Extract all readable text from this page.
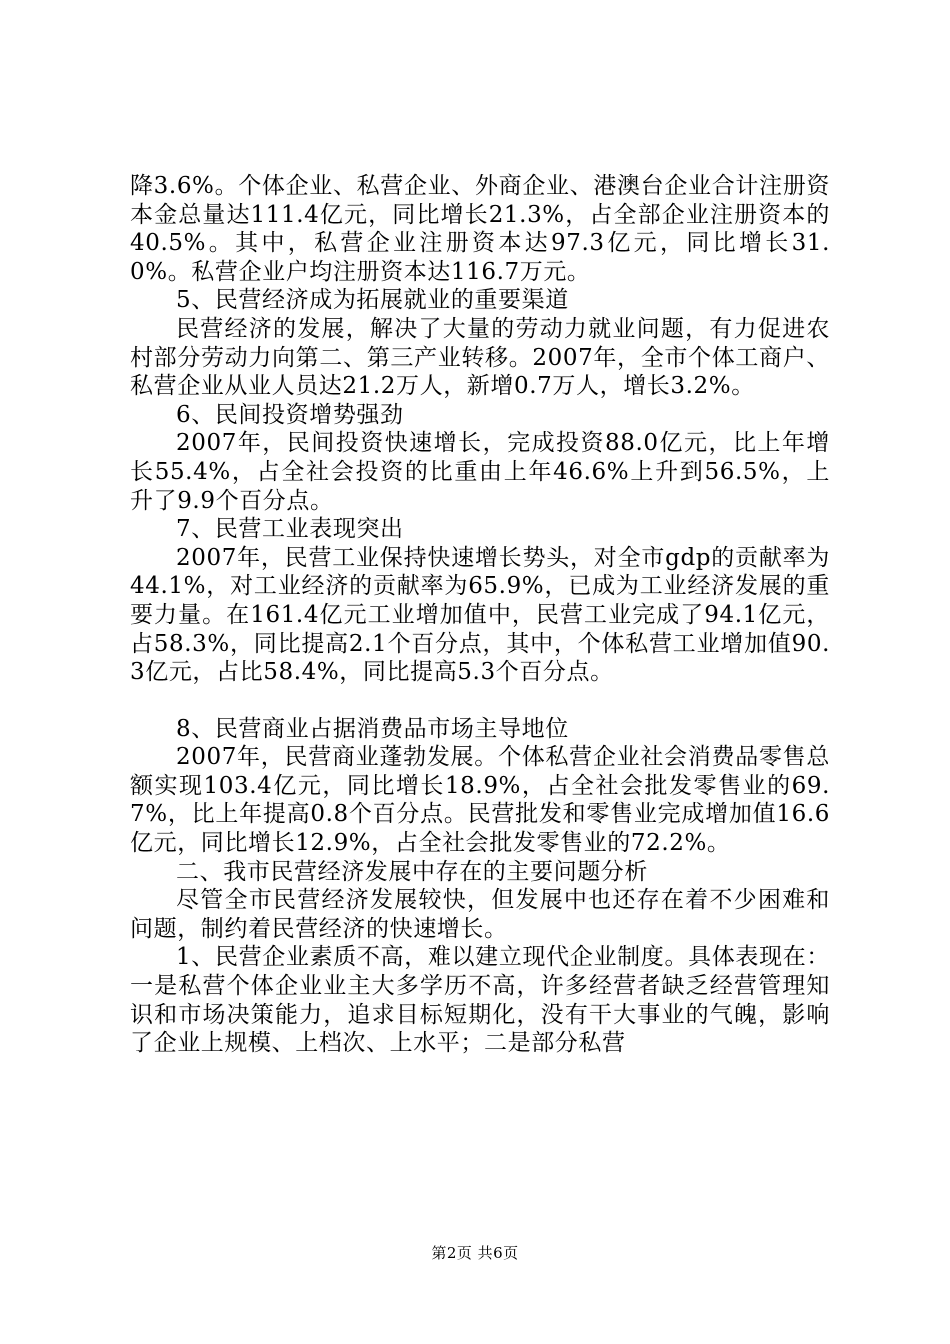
降3.6%。个体企业、私营企业、外商企业、港澳台企业合计注册资本金总量达111.4亿元，同比增长21.3%，占全部企业注册资本的40.5%。其中，私营企业注册资本达97.3亿元，同比增长31.0%。私营企业户均注册资本达116.7万元。

5、民营经济成为拓展就业的重要渠道

民营经济的发展，解决了大量的劳动力就业问题，有力促进农村部分劳动力向第二、第三产业转移。2007年，全市个体工商户、私营企业从业人员达21.2万人，新增0.7万人，增长3.2%。

6、民间投资增势强劲

2007年，民间投资快速增长，完成投资88.0亿元，比上年增长55.4%，占全社会投资的比重由上年46.6%上升到56.5%，上升了9.9个百分点。

7、民营工业表现突出

2007年，民营工业保持快速增长势头，对全市gdp的贡献率为44.1%，对工业经济的贡献率为65.9%，已成为工业经济发展的重要力量。在161.4亿元工业增加值中，民营工业完成了94.1亿元，占58.3%，同比提高2.1个百分点，其中，个体私营工业增加值90.3亿元，占比58.4%，同比提高5.3个百分点。

8、民营商业占据消费品市场主导地位

2007年，民营商业蓬勃发展。个体私营企业社会消费品零售总额实现103.4亿元，同比增长18.9%，占全社会批发零售业的69.7%，比上年提高0.8个百分点。民营批发和零售业完成增加值16.6亿元，同比增长12.9%，占全社会批发零售业的72.2%。

二、我市民营经济发展中存在的主要问题分析

尽管全市民营经济发展较快，但发展中也还存在着不少困难和问题，制约着民营经济的快速增长。

1、民营企业素质不高，难以建立现代企业制度。具体表现在：一是私营个体企业业主大多学历不高，许多经营者缺乏经营管理知识和市场决策能力，追求目标短期化，没有干大事业的气魄，影响了企业上规模、上档次、上水平；二是部分私营

第2页 共6页
